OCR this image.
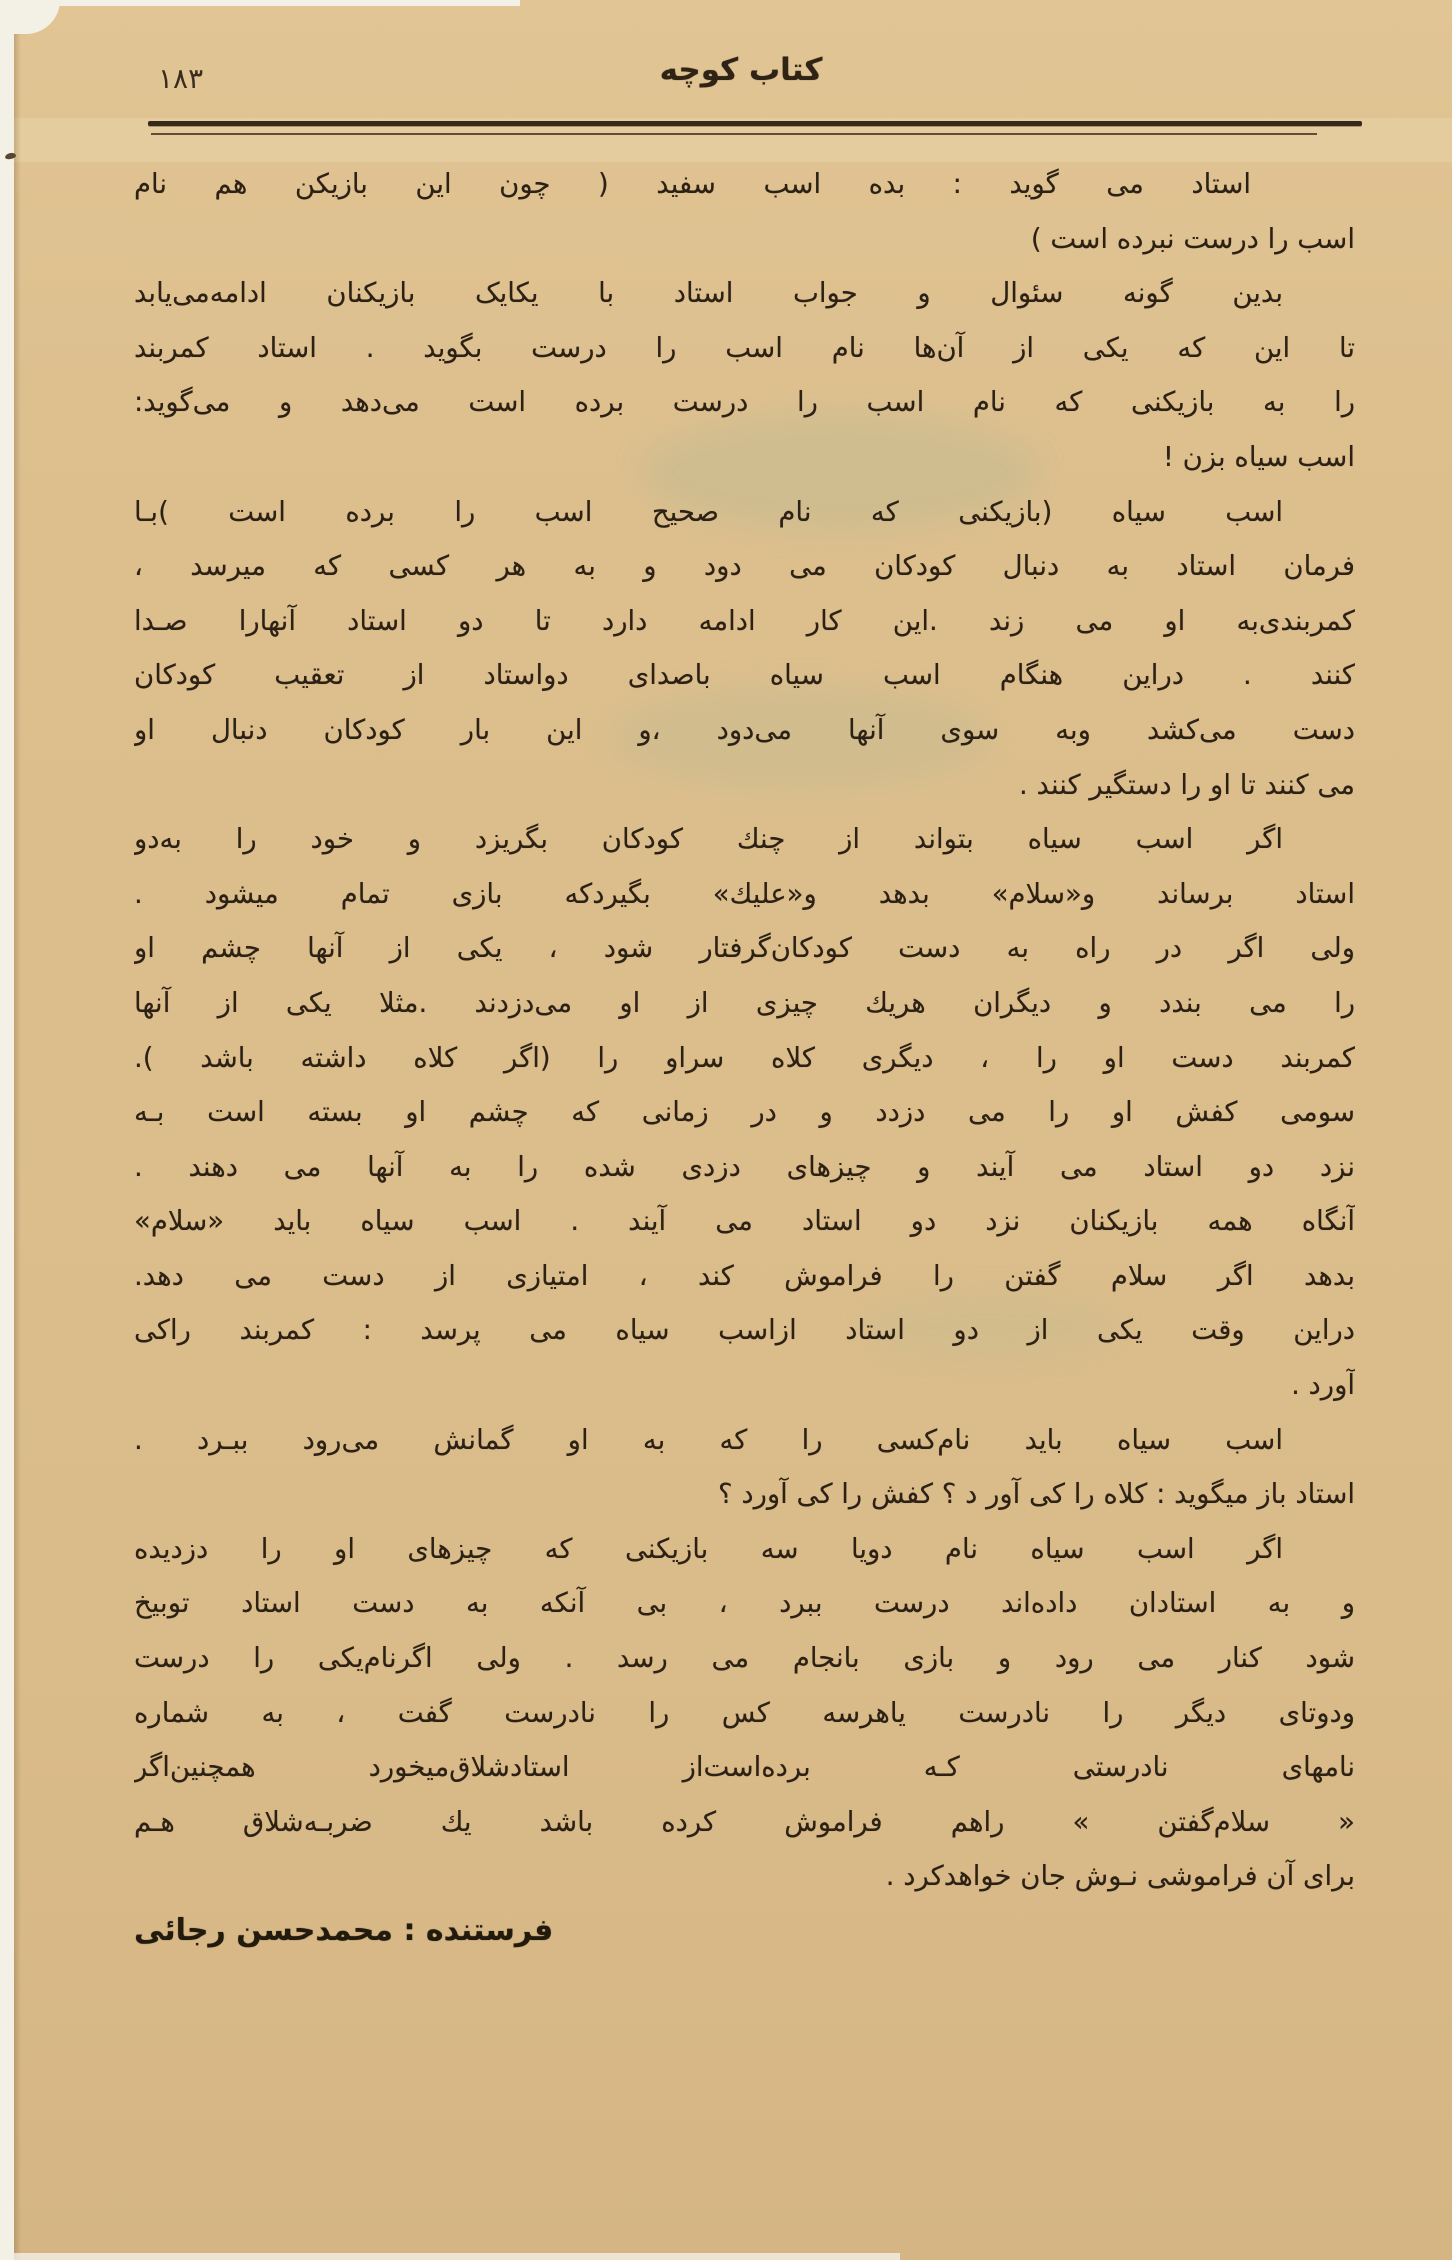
۱۸۳	کتاب کوچه
استاد می گوید : بده اسب سفید ( چون این بازیکن هم نام
اسب را درست نبرده است )
بدین گونه سئوال و جواب استاد با یکایک بازیکنان ادامه‌می‌یابد
تا این که یکی از آن‌ها نام اسب را درست بگوید . استاد کمربند
را به بازیکنی که نام اسب را درست برده است می‌دهد و می‌گوید:
اسب سیاه بزن !
اسب سیاه (بازیکنی که نام صحیح اسب را برده است )بـا
فرمان استاد به دنبال کودکان می دود و به هر کسی که میرسد ،
کمربندی‌به او می زند .این کار ادامه دارد تا دو استاد آنهارا صـدا
کنند . دراین هنگام اسب سیاه باصدای دواستاد از تعقیب کودکان
دست می‌کشد وبه سوی آنها می‌دود ،و این بار کودکان دنبال او
می کنند تا او را دستگیر کنند .
اگر اسب سیاه بتواند از چنك کودکان بگریزد و خود را به‌دو
استاد برساند و«سلام» بدهد و«علیك» بگیردکه بازی تمام میشود .
ولی اگر در راه به دست کودکان‌گرفتار شود ، یکی از آنها چشم او
را می بندد و دیگران هریك چیزی از او می‌دزدند .مثلا یکی از آنها
کمربند دست او را ، دیگری کلاه سراو را (اگر کلاه داشته باشد ).
سومی کفش او را می دزدد و در زمانی که چشم او بسته است بـه
نزد دو استاد می آیند و چیزهای دزدی شده را به آنها می دهند .
آنگاه همه بازیکنان نزد دو استاد می آیند . اسب سیاه باید «سلام»
بدهد اگر سلام گفتن را فراموش کند ، امتیازی از دست می دهد.
دراین وقت یکی از دو استاد ازاسب سیاه می پرسد : کمربند راکی
آورد .
اسب سیاه باید نام‌کسی را که به او گمانش می‌رود ببـرد .
استاد باز میگوید : کلاه را کی آور د ؟ کفش را کی آورد ؟
اگر اسب سیاه نام دویا سه بازیکنی که چیزهای او را دزدیده
و به استادان داده‌اند درست ببرد ، بی آنکه به دست استاد توبیخ
شود کنار می رود و بازی بانجام می رسد . ولی اگرنام‌یکی را درست
ودوتای دیگر را نادرست یاهرسه کس را نادرست گفت ، به شماره
نامهای نادرستی کـه برده‌است‌از استادشلاق‌میخورد همچنین‌اگر
« سلام‌گفتن » راهم فراموش کرده باشد یك ضربـه‌شلاق هـم
برای آن فراموشی نـوش جان خواهدکرد .
فرستنده : محمدحسن رجائی
